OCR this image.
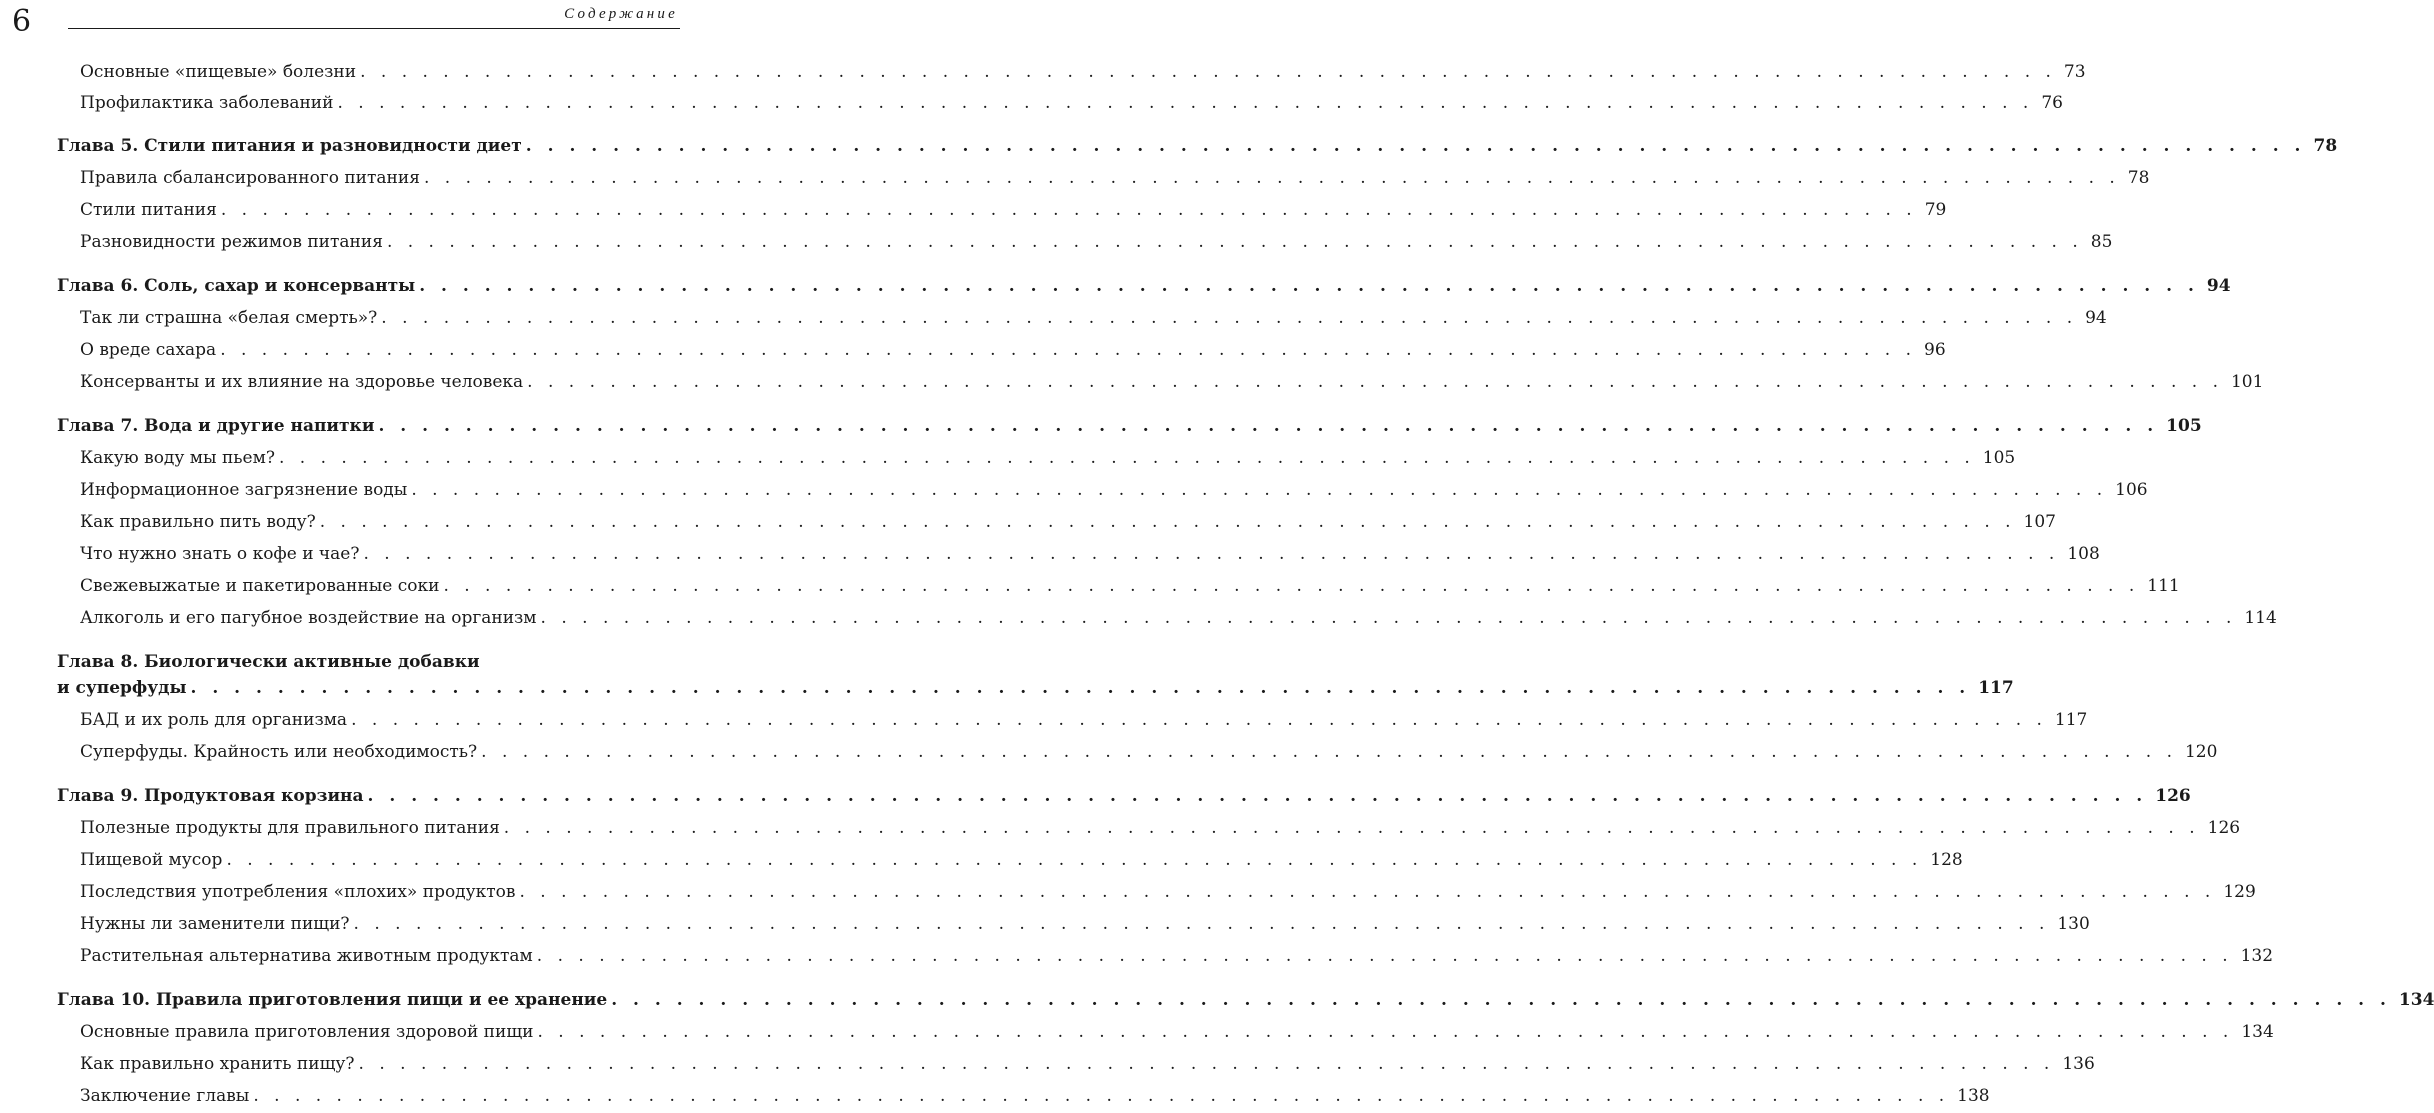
6	Содержание
Основные «пищевые» болезни . . . . . . . . . . . . . . . . . . . . . . . . . . . . . . . . . . . . . . . . . . . . . . . . . . . . . . . . . . . . . . . . . . . . . . . . . . . . . . . . . . 73
Профилактика заболеваний . . . . . . . . . . . . . . . . . . . . . . . . . . . . . . . . . . . . . . . . . . . . . . . . . . . . . . . . . . . . . . . . . . . . . . . . . . . . . . . . . . 76
Глава 5. Стили питания и разновидности диет . . . . . . . . . . . . . . . . . . . . . . . . . . . . . . . . . . . . . . . . . . . . . . . . . . . . . . . . . . . . . . . . . . . . . . . . . . . . . . . . . . 78
Правила сбалансированного питания . . . . . . . . . . . . . . . . . . . . . . . . . . . . . . . . . . . . . . . . . . . . . . . . . . . . . . . . . . . . . . . . . . . . . . . . . . . . . . . . . . 78
Стили питания . . . . . . . . . . . . . . . . . . . . . . . . . . . . . . . . . . . . . . . . . . . . . . . . . . . . . . . . . . . . . . . . . . . . . . . . . . . . . . . . . . 79
Разновидности режимов питания . . . . . . . . . . . . . . . . . . . . . . . . . . . . . . . . . . . . . . . . . . . . . . . . . . . . . . . . . . . . . . . . . . . . . . . . . . . . . . . . . . 85
Глава 6. Соль, сахар и консерванты . . . . . . . . . . . . . . . . . . . . . . . . . . . . . . . . . . . . . . . . . . . . . . . . . . . . . . . . . . . . . . . . . . . . . . . . . . . . . . . . . . 94
Так ли страшна «белая смерть»? . . . . . . . . . . . . . . . . . . . . . . . . . . . . . . . . . . . . . . . . . . . . . . . . . . . . . . . . . . . . . . . . . . . . . . . . . . . . . . . . . . 94
О вреде сахара . . . . . . . . . . . . . . . . . . . . . . . . . . . . . . . . . . . . . . . . . . . . . . . . . . . . . . . . . . . . . . . . . . . . . . . . . . . . . . . . . . 96
Консерванты и их влияние на здоровье человека . . . . . . . . . . . . . . . . . . . . . . . . . . . . . . . . . . . . . . . . . . . . . . . . . . . . . . . . . . . . . . . . . . . . . . . . . . . . . . . . . . 101
Глава 7. Вода и другие напитки . . . . . . . . . . . . . . . . . . . . . . . . . . . . . . . . . . . . . . . . . . . . . . . . . . . . . . . . . . . . . . . . . . . . . . . . . . . . . . . . . . 105
Какую воду мы пьем? . . . . . . . . . . . . . . . . . . . . . . . . . . . . . . . . . . . . . . . . . . . . . . . . . . . . . . . . . . . . . . . . . . . . . . . . . . . . . . . . . . 105
Информационное загрязнение воды . . . . . . . . . . . . . . . . . . . . . . . . . . . . . . . . . . . . . . . . . . . . . . . . . . . . . . . . . . . . . . . . . . . . . . . . . . . . . . . . . . 106
Как правильно пить воду? . . . . . . . . . . . . . . . . . . . . . . . . . . . . . . . . . . . . . . . . . . . . . . . . . . . . . . . . . . . . . . . . . . . . . . . . . . . . . . . . . . 107
Что нужно знать о кофе и чае? . . . . . . . . . . . . . . . . . . . . . . . . . . . . . . . . . . . . . . . . . . . . . . . . . . . . . . . . . . . . . . . . . . . . . . . . . . . . . . . . . . 108
Свежевыжатые и пакетированные соки . . . . . . . . . . . . . . . . . . . . . . . . . . . . . . . . . . . . . . . . . . . . . . . . . . . . . . . . . . . . . . . . . . . . . . . . . . . . . . . . . . 111
Алкоголь и его пагубное воздействие на организм . . . . . . . . . . . . . . . . . . . . . . . . . . . . . . . . . . . . . . . . . . . . . . . . . . . . . . . . . . . . . . . . . . . . . . . . . . . . . . . . . . 114
Глава 8. Биологически активные добавки
и суперфуды . . . . . . . . . . . . . . . . . . . . . . . . . . . . . . . . . . . . . . . . . . . . . . . . . . . . . . . . . . . . . . . . . . . . . . . . . . . . . . . . . . 117
БАД и их роль для организма . . . . . . . . . . . . . . . . . . . . . . . . . . . . . . . . . . . . . . . . . . . . . . . . . . . . . . . . . . . . . . . . . . . . . . . . . . . . . . . . . . 117
Суперфуды. Крайность или необходимость? . . . . . . . . . . . . . . . . . . . . . . . . . . . . . . . . . . . . . . . . . . . . . . . . . . . . . . . . . . . . . . . . . . . . . . . . . . . . . . . . . . 120
Глава 9. Продуктовая корзина . . . . . . . . . . . . . . . . . . . . . . . . . . . . . . . . . . . . . . . . . . . . . . . . . . . . . . . . . . . . . . . . . . . . . . . . . . . . . . . . . . 126
Полезные продукты для правильного питания . . . . . . . . . . . . . . . . . . . . . . . . . . . . . . . . . . . . . . . . . . . . . . . . . . . . . . . . . . . . . . . . . . . . . . . . . . . . . . . . . . 126
Пищевой мусор . . . . . . . . . . . . . . . . . . . . . . . . . . . . . . . . . . . . . . . . . . . . . . . . . . . . . . . . . . . . . . . . . . . . . . . . . . . . . . . . . . 128
Последствия употребления «плохих» продуктов . . . . . . . . . . . . . . . . . . . . . . . . . . . . . . . . . . . . . . . . . . . . . . . . . . . . . . . . . . . . . . . . . . . . . . . . . . . . . . . . . . 129
Нужны ли заменители пищи? . . . . . . . . . . . . . . . . . . . . . . . . . . . . . . . . . . . . . . . . . . . . . . . . . . . . . . . . . . . . . . . . . . . . . . . . . . . . . . . . . . 130
Растительная альтернатива животным продуктам . . . . . . . . . . . . . . . . . . . . . . . . . . . . . . . . . . . . . . . . . . . . . . . . . . . . . . . . . . . . . . . . . . . . . . . . . . . . . . . . . . 132
Глава 10. Правила приготовления пищи и ее хранение . . . . . . . . . . . . . . . . . . . . . . . . . . . . . . . . . . . . . . . . . . . . . . . . . . . . . . . . . . . . . . . . . . . . . . . . . . . . . . . . . . 134
Основные правила приготовления здоровой пищи . . . . . . . . . . . . . . . . . . . . . . . . . . . . . . . . . . . . . . . . . . . . . . . . . . . . . . . . . . . . . . . . . . . . . . . . . . . . . . . . . . 134
Как правильно хранить пищу? . . . . . . . . . . . . . . . . . . . . . . . . . . . . . . . . . . . . . . . . . . . . . . . . . . . . . . . . . . . . . . . . . . . . . . . . . . . . . . . . . . 136
Заключение главы . . . . . . . . . . . . . . . . . . . . . . . . . . . . . . . . . . . . . . . . . . . . . . . . . . . . . . . . . . . . . . . . . . . . . . . . . . . . . . . . . . 138
